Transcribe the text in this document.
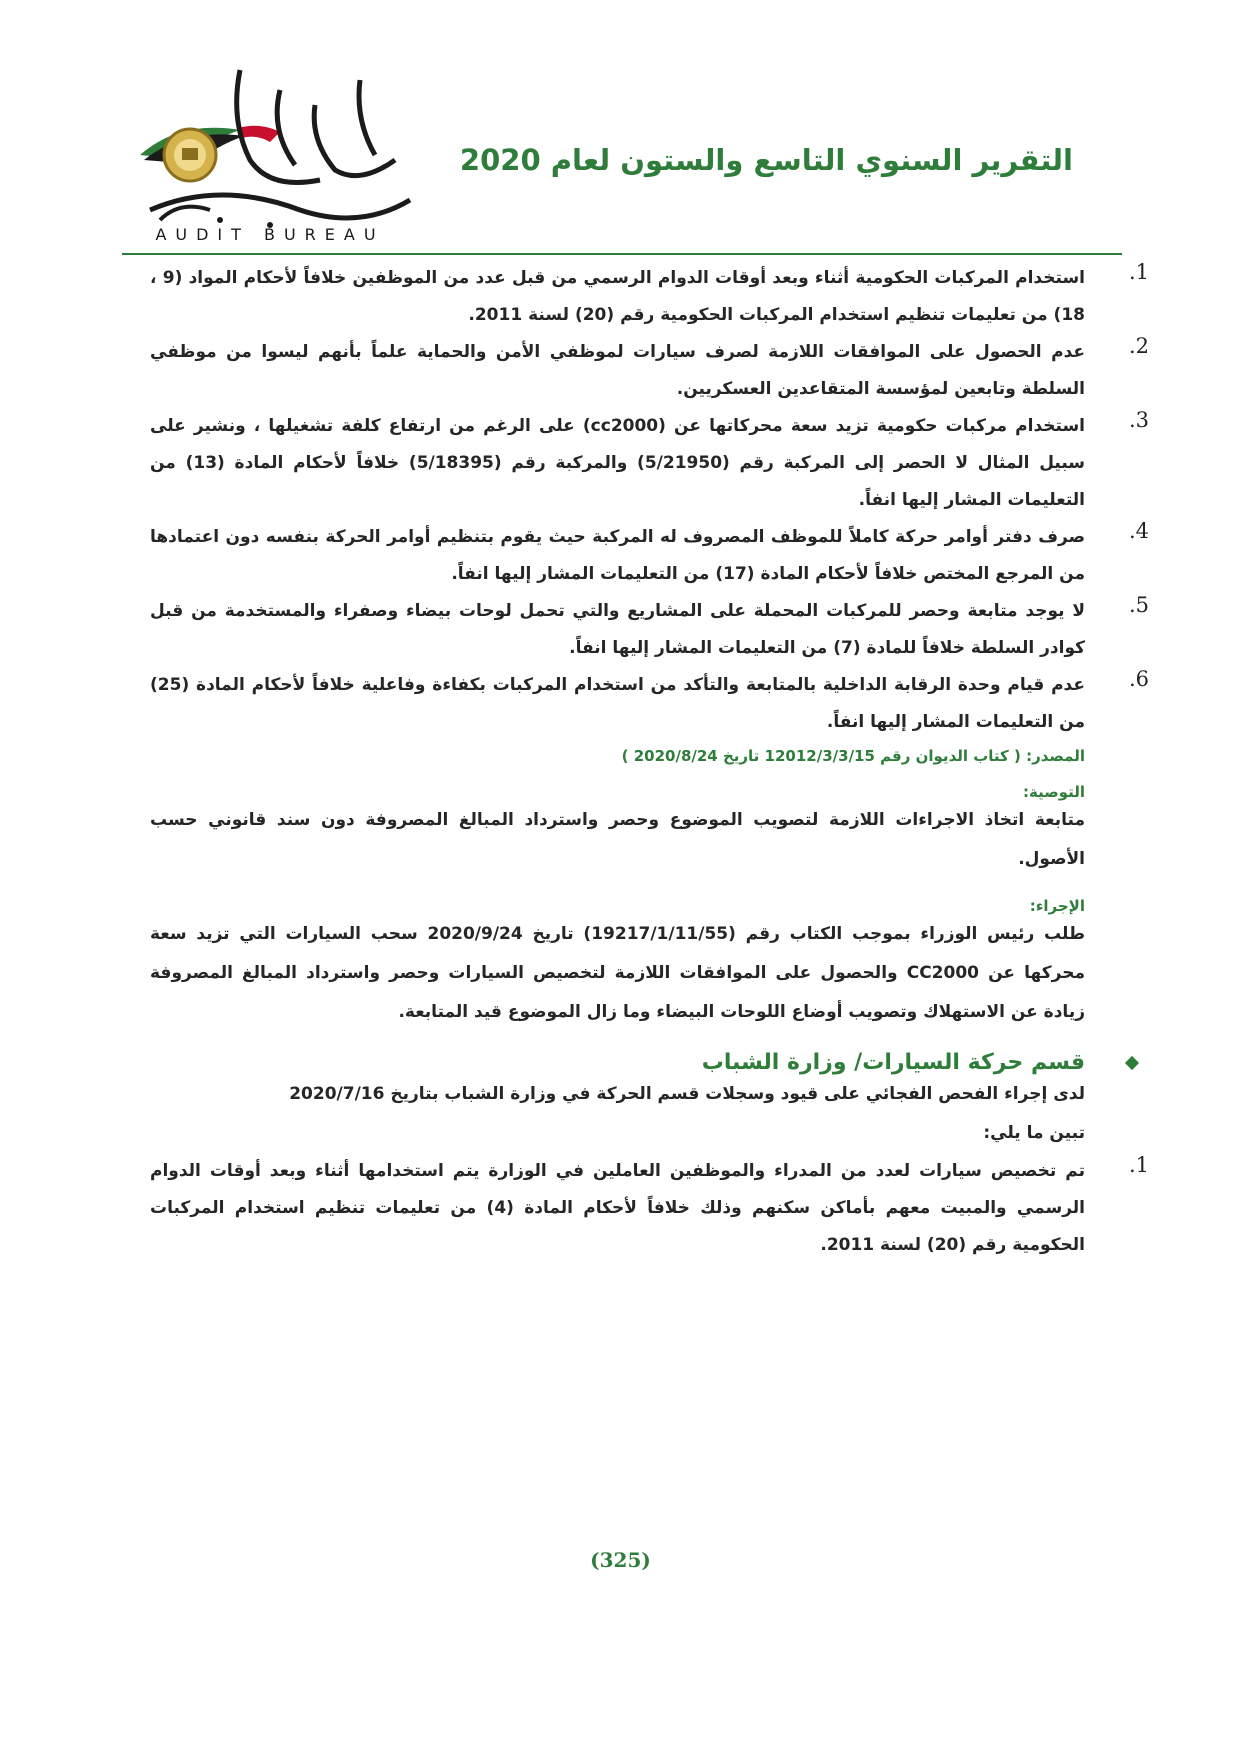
AUDIT BUREAU
التقرير السنوي التاسع والستون لعام 2020
1.
استخدام المركبات الحكومية أثناء وبعد أوقات الدوام الرسمي من قبل عدد من الموظفين خلافاً لأحكام المواد (9 ، 18) من تعليمات تنظيم استخدام المركبات الحكومية رقم (20) لسنة 2011.
2.
عدم الحصول على الموافقات اللازمة لصرف سيارات لموظفي الأمن والحماية علماً بأنهم ليسوا من موظفي السلطة وتابعين لمؤسسة المتقاعدين العسكريين.
3.
استخدام مركبات حكومية تزيد سعة محركاتها عن (cc2000) على الرغم من ارتفاع كلفة تشغيلها ، ونشير على سبيل المثال لا الحصر إلى المركبة رقم (5/21950) والمركبة رقم (5/18395) خلافاً لأحكام المادة (13) من التعليمات المشار إليها انفاً.
4.
صرف دفتر أوامر حركة كاملاً للموظف المصروف له المركبة حيث يقوم بتنظيم أوامر الحركة بنفسه دون اعتمادها من المرجع المختص خلافاً لأحكام المادة (17) من التعليمات المشار إليها انفاً.
5.
لا يوجد متابعة وحصر للمركبات المحملة على المشاريع والتي تحمل لوحات بيضاء وصفراء والمستخدمة من قبل كوادر السلطة خلافاً للمادة (7) من التعليمات المشار إليها انفاً.
6.
عدم قيام وحدة الرقابة الداخلية بالمتابعة والتأكد من استخدام المركبات بكفاءة وفاعلية خلافاً لأحكام المادة (25) من التعليمات المشار إليها انفاً.
المصدر: ( كتاب الديوان رقم 12012/3/3/15 تاريخ 2020/8/24 )
التوصية:
متابعة اتخاذ الاجراءات اللازمة لتصويب الموضوع وحصر واسترداد المبالغ المصروفة دون سند قانوني حسب الأصول.
الإجراء:
طلب رئيس الوزراء بموجب الكتاب رقم (19217/1/11/55) تاريخ 2020/9/24 سحب السيارات التي تزيد سعة محركها عن CC2000 والحصول على الموافقات اللازمة لتخصيص السيارات وحصر واسترداد المبالغ المصروفة زيادة عن الاستهلاك وتصويب أوضاع اللوحات البيضاء وما زال الموضوع قيد المتابعة.
قسم حركة السيارات/ وزارة الشباب
لدى إجراء الفحص الفجائي على قيود وسجلات قسم الحركة في وزارة الشباب بتاريخ 2020/7/16
تبين ما يلي:
1.
تم تخصيص سيارات لعدد من المدراء والموظفين العاملين في الوزارة يتم استخدامها أثناء وبعد أوقات الدوام الرسمي والمبيت معهم بأماكن سكنهم وذلك خلافاً لأحكام المادة (4) من تعليمات تنظيم استخدام المركبات الحكومية رقم (20) لسنة 2011.
(325)
